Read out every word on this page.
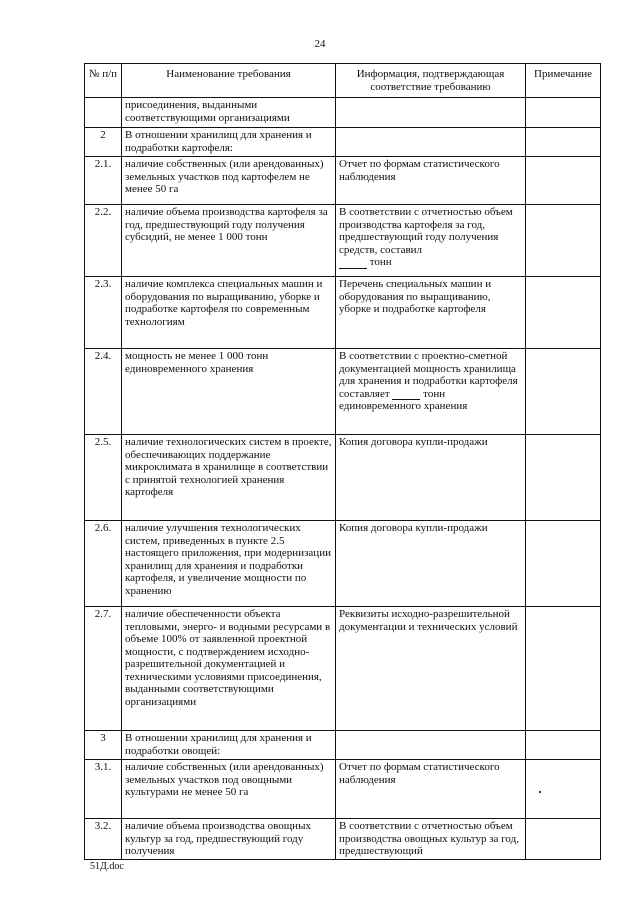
24
№ п/п	Наименование требования	Информация, подтверждающая соответствие требованию	Примечание
	присоединения, выданными соответствующими организациями		
2	В отношении хранилищ для хранения и подработки картофеля:		
2.1.	наличие собственных (или арендованных) земельных участков под картофелем не менее 50 га	Отчет по формам статистического наблюдения	
2.2.	наличие объема производства картофеля за год, предшествующий году получения субсидий, не менее 1 000 тонн	В соответствии с отчетностью объем производства картофеля за год, предшествующий году получения средств, составил
тонн	
2.3.	наличие комплекса специальных машин и оборудования по выращиванию, уборке и подработке картофеля по современным технологиям	Перечень специальных машин и оборудования по выращиванию, уборке и подработке картофеля	
2.4.	мощность не менее 1 000 тонн единовременного хранения	В соответствии с проектно-сметной документацией мощность хранилища для хранения и подработки картофеля составляет тонн единовременного хранения	
2.5.	наличие технологических систем в проекте, обеспечивающих поддержание микроклимата в хранилище в соответствии с принятой технологией хранения картофеля	Копия договора купли-продажи	
2.6.	наличие улучшения технологических систем, приведенных в пункте 2.5 настоящего приложения, при модернизации хранилищ для хранения и подработки картофеля, и увеличение мощности по хранению	Копия договора купли-продажи	
2.7.	наличие обеспеченности объекта тепловыми, энерго- и водными ресурсами в объеме 100% от заявленной проектной мощности, с подтверждением исходно-разрешительной документацией и техническими условиями присоединения, выданными соответствующими организациями	Реквизиты исходно-разрешительной документации и технических условий	
3	В отношении хранилищ для хранения и подработки овощей:		
3.1.	наличие собственных (или арендованных) земельных участков под овощными культурами не менее 50 га	Отчет по формам статистического наблюдения	
3.2.	наличие объема производства овощных культур за год, предшествующий году получения	В соответствии с отчетностью объем производства овощных культур за год, предшествующий	
51Д.doc
